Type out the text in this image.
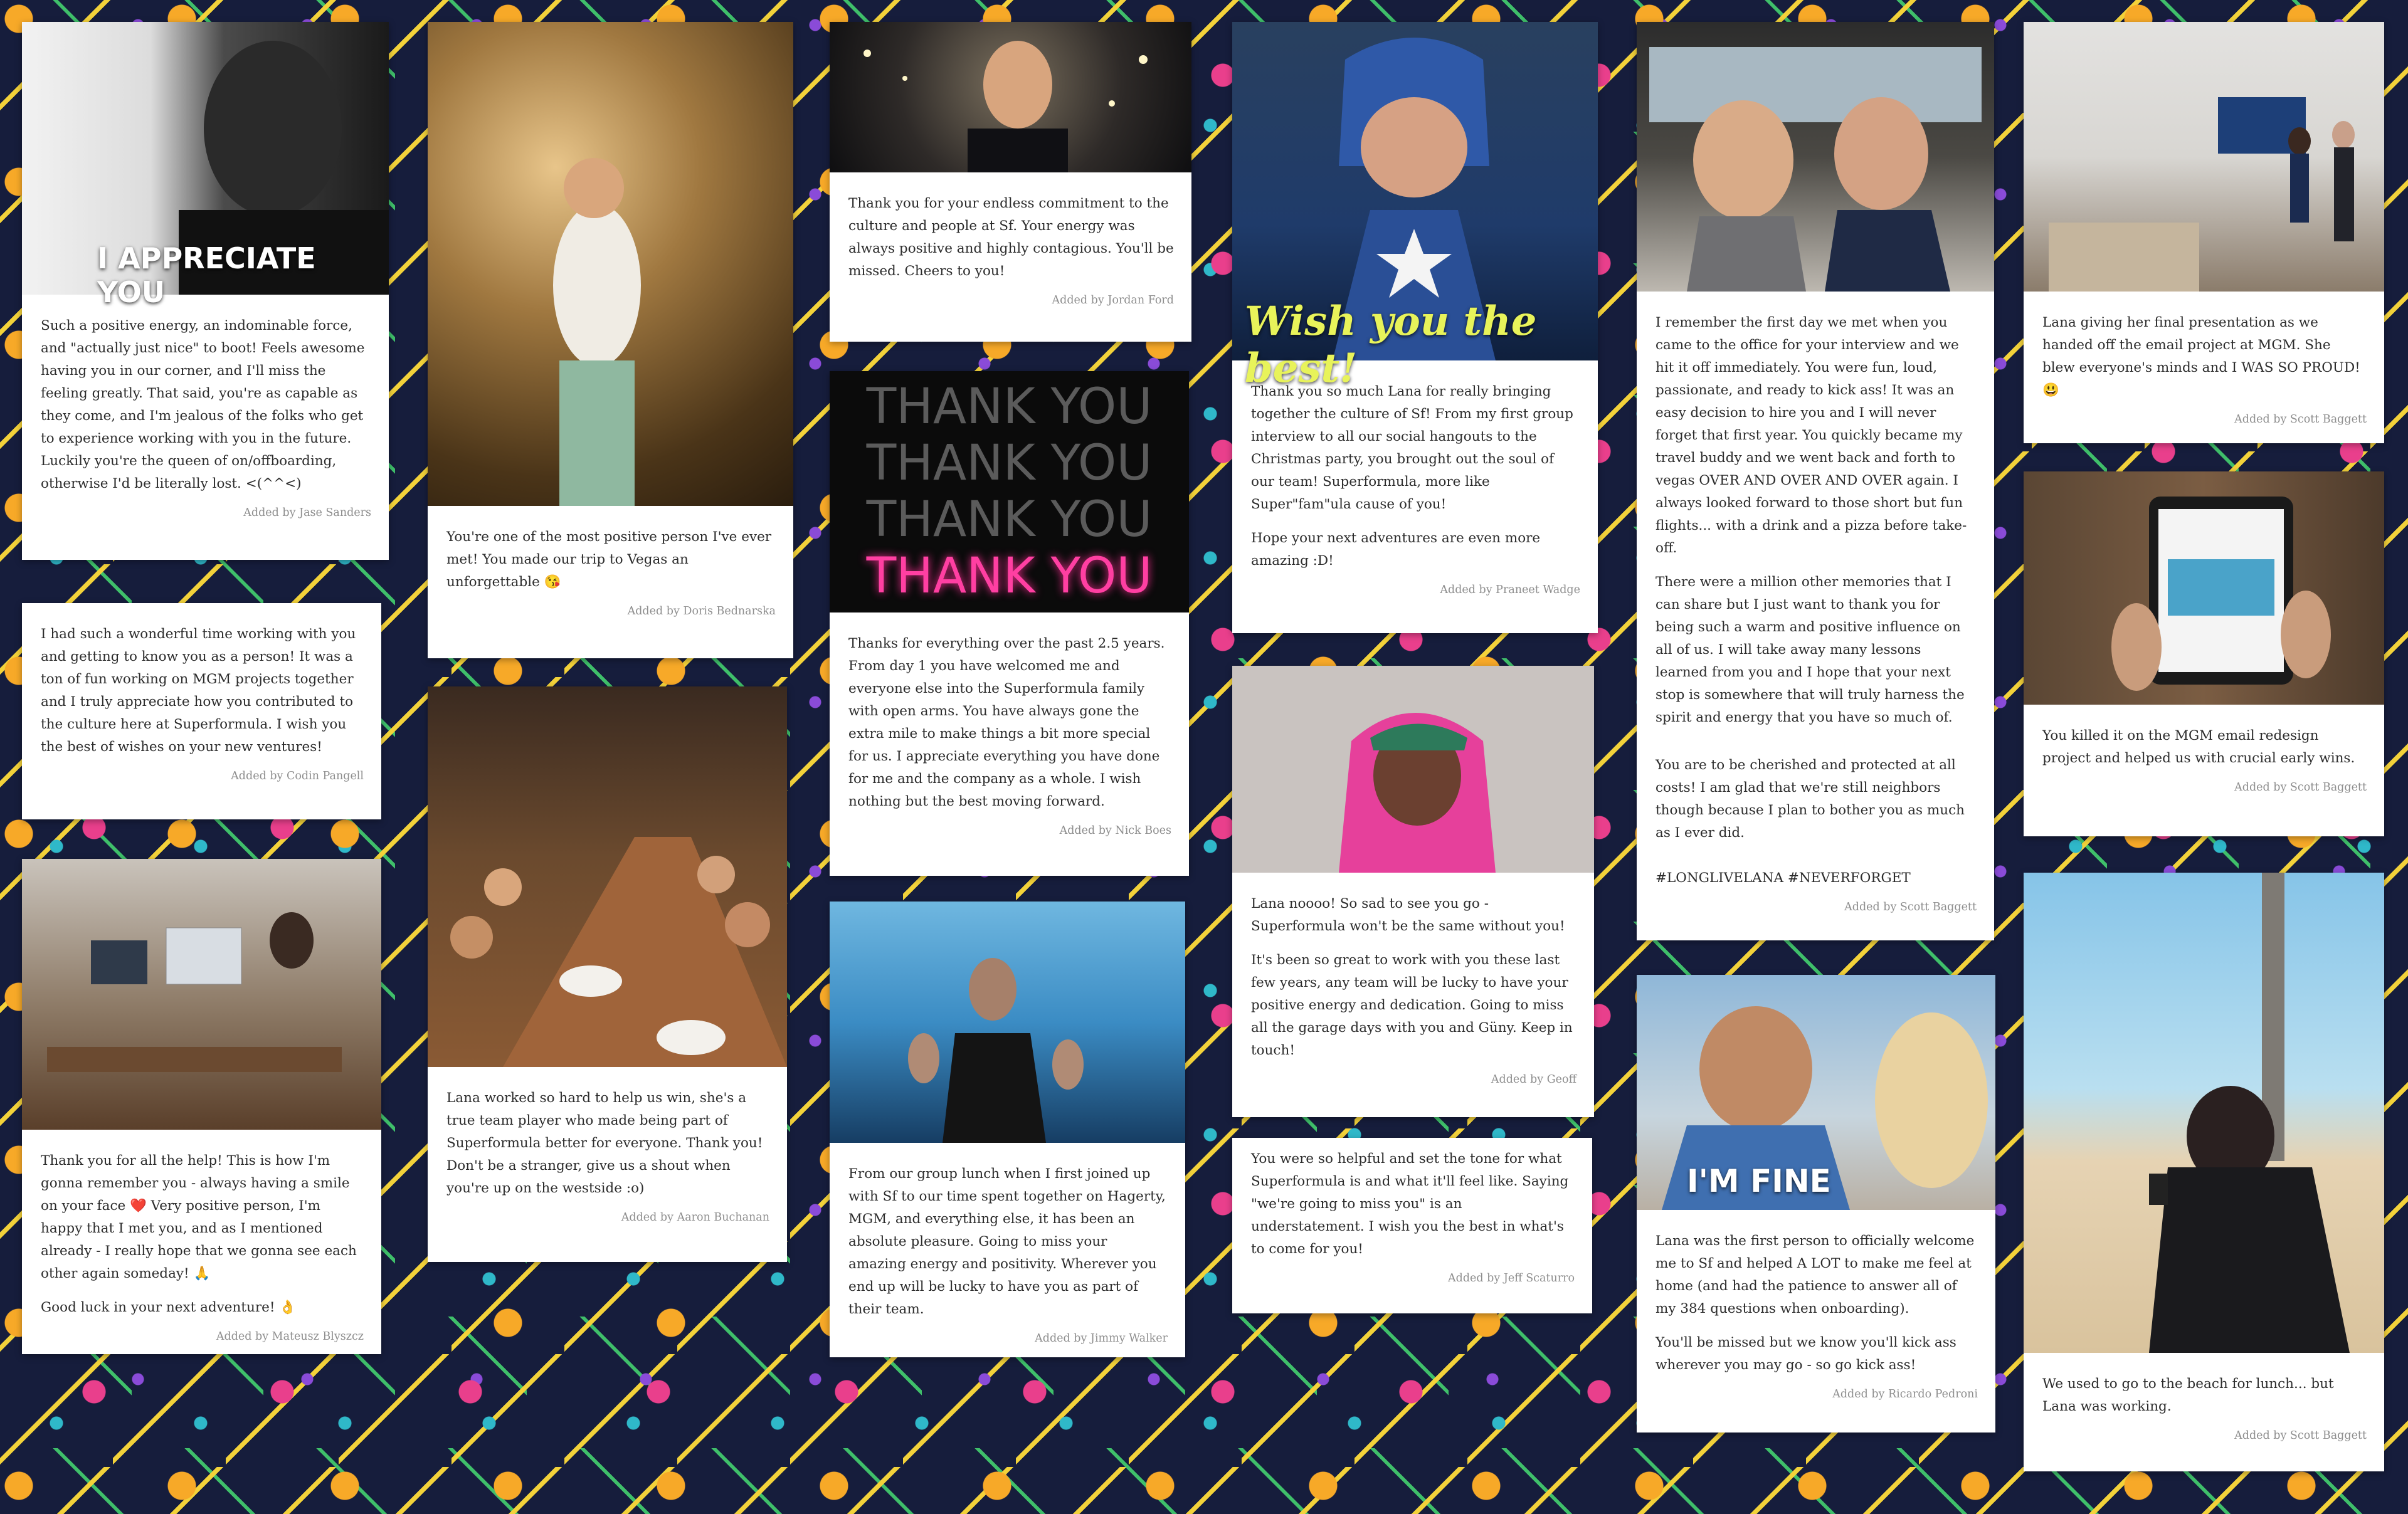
I APPRECIATE YOU

Such a positive energy, an indominable force, and "actually just nice" to boot! Feels awesome having you in our corner, and I'll miss the feeling greatly. That said, you're as capable as they come, and I'm jealous of the folks who get to experience working with you in the future. Luckily you're the queen of on/offboarding, otherwise I'd be literally lost. <(^^<)

Added by Jase Sanders

I had such a wonderful time working with you and getting to know you as a person! It was a ton of fun working on MGM projects together and I truly appreciate how you contributed to the culture here at Superformula. I wish you the best of wishes on your new ventures!

Added by Codin Pangell

Thank you for all the help! This is how I'm gonna remember you - always having a smile on your face ❤️ Very positive person, I'm happy that I met you, and as I mentioned already - I really hope that we gonna see each other again someday! 🙏

Good luck in your next adventure! 👌

Added by Mateusz Blyszcz

You're one of the most positive person I've ever met! You made our trip to Vegas an unforgettable 😘

Added by Doris Bednarska

Lana worked so hard to help us win, she's a true team player who made being part of Superformula better for everyone. Thank you! Don't be a stranger, give us a shout when you're up on the westside :o)

Added by Aaron Buchanan

Thank you for your endless commitment to the culture and people at Sf. Your energy was always positive and highly contagious. You'll be missed. Cheers to you!

Added by Jordan Ford
THANK YOU
THANK YOU
THANK YOU
THANK YOU

Thanks for everything over the past 2.5 years. From day 1 you have welcomed me and everyone else into the Superformula family with open arms. You have always gone the extra mile to make things a bit more special for us. I appreciate everything you have done for me and the company as a whole. I wish nothing but the best moving forward.

Added by Nick Boes

From our group lunch when I first joined up with Sf to our time spent together on Hagerty, MGM, and everything else, it has been an absolute pleasure. Going to miss your amazing energy and positivity. Wherever you end up will be lucky to have you as part of their team.

Added by Jimmy Walker
Wish you the best!

Thank you so much Lana for really bringing together the culture of Sf! From my first group interview to all our social hangouts to the Christmas party, you brought out the soul of our team! Superformula, more like Super"fam"ula cause of you!

Hope your next adventures are even more amazing :D!

Added by Praneet Wadge

Lana noooo! So sad to see you go - Superformula won't be the same without you!

It's been so great to work with you these last few years, any team will be lucky to have your positive energy and dedication. Going to miss all the garage days with you and Güny. Keep in touch!

Added by Geoff

You were so helpful and set the tone for what Superformula is and what it'll feel like. Saying "we're going to miss you" is an understatement. I wish you the best in what's to come for you!

Added by Jeff Scaturro

I remember the first day we met when you came to the office for your interview and we hit it off immediately. You were fun, loud, passionate, and ready to kick ass! It was an easy decision to hire you and I will never forget that first year. You quickly became my travel buddy and we went back and forth to vegas OVER AND OVER AND OVER again. I always looked forward to those short but fun flights... with a drink and a pizza before take-off.

There were a million other memories that I can share but I just want to thank you for being such a warm and positive influence on all of us. I will take away many lessons learned from you and I hope that your next stop is somewhere that will truly harness the spirit and energy that you have so much of.

You are to be cherished and protected at all costs! I am glad that we're still neighbors though because I plan to bother you as much as I ever did.

#LONGLIVELANA #NEVERFORGET

Added by Scott Baggett
I'M FINE

Lana was the first person to officially welcome me to Sf and helped A LOT to make me feel at home (and had the patience to answer all of my 384 questions when onboarding).

You'll be missed but we know you'll kick ass wherever you may go - so go kick ass!

Added by Ricardo Pedroni

Lana giving her final presentation as we handed off the email project at MGM. She blew everyone's minds and I WAS SO PROUD! 😃

Added by Scott Baggett

You killed it on the MGM email redesign project and helped us with crucial early wins.

Added by Scott Baggett

We used to go to the beach for lunch... but Lana was working.

Added by Scott Baggett
